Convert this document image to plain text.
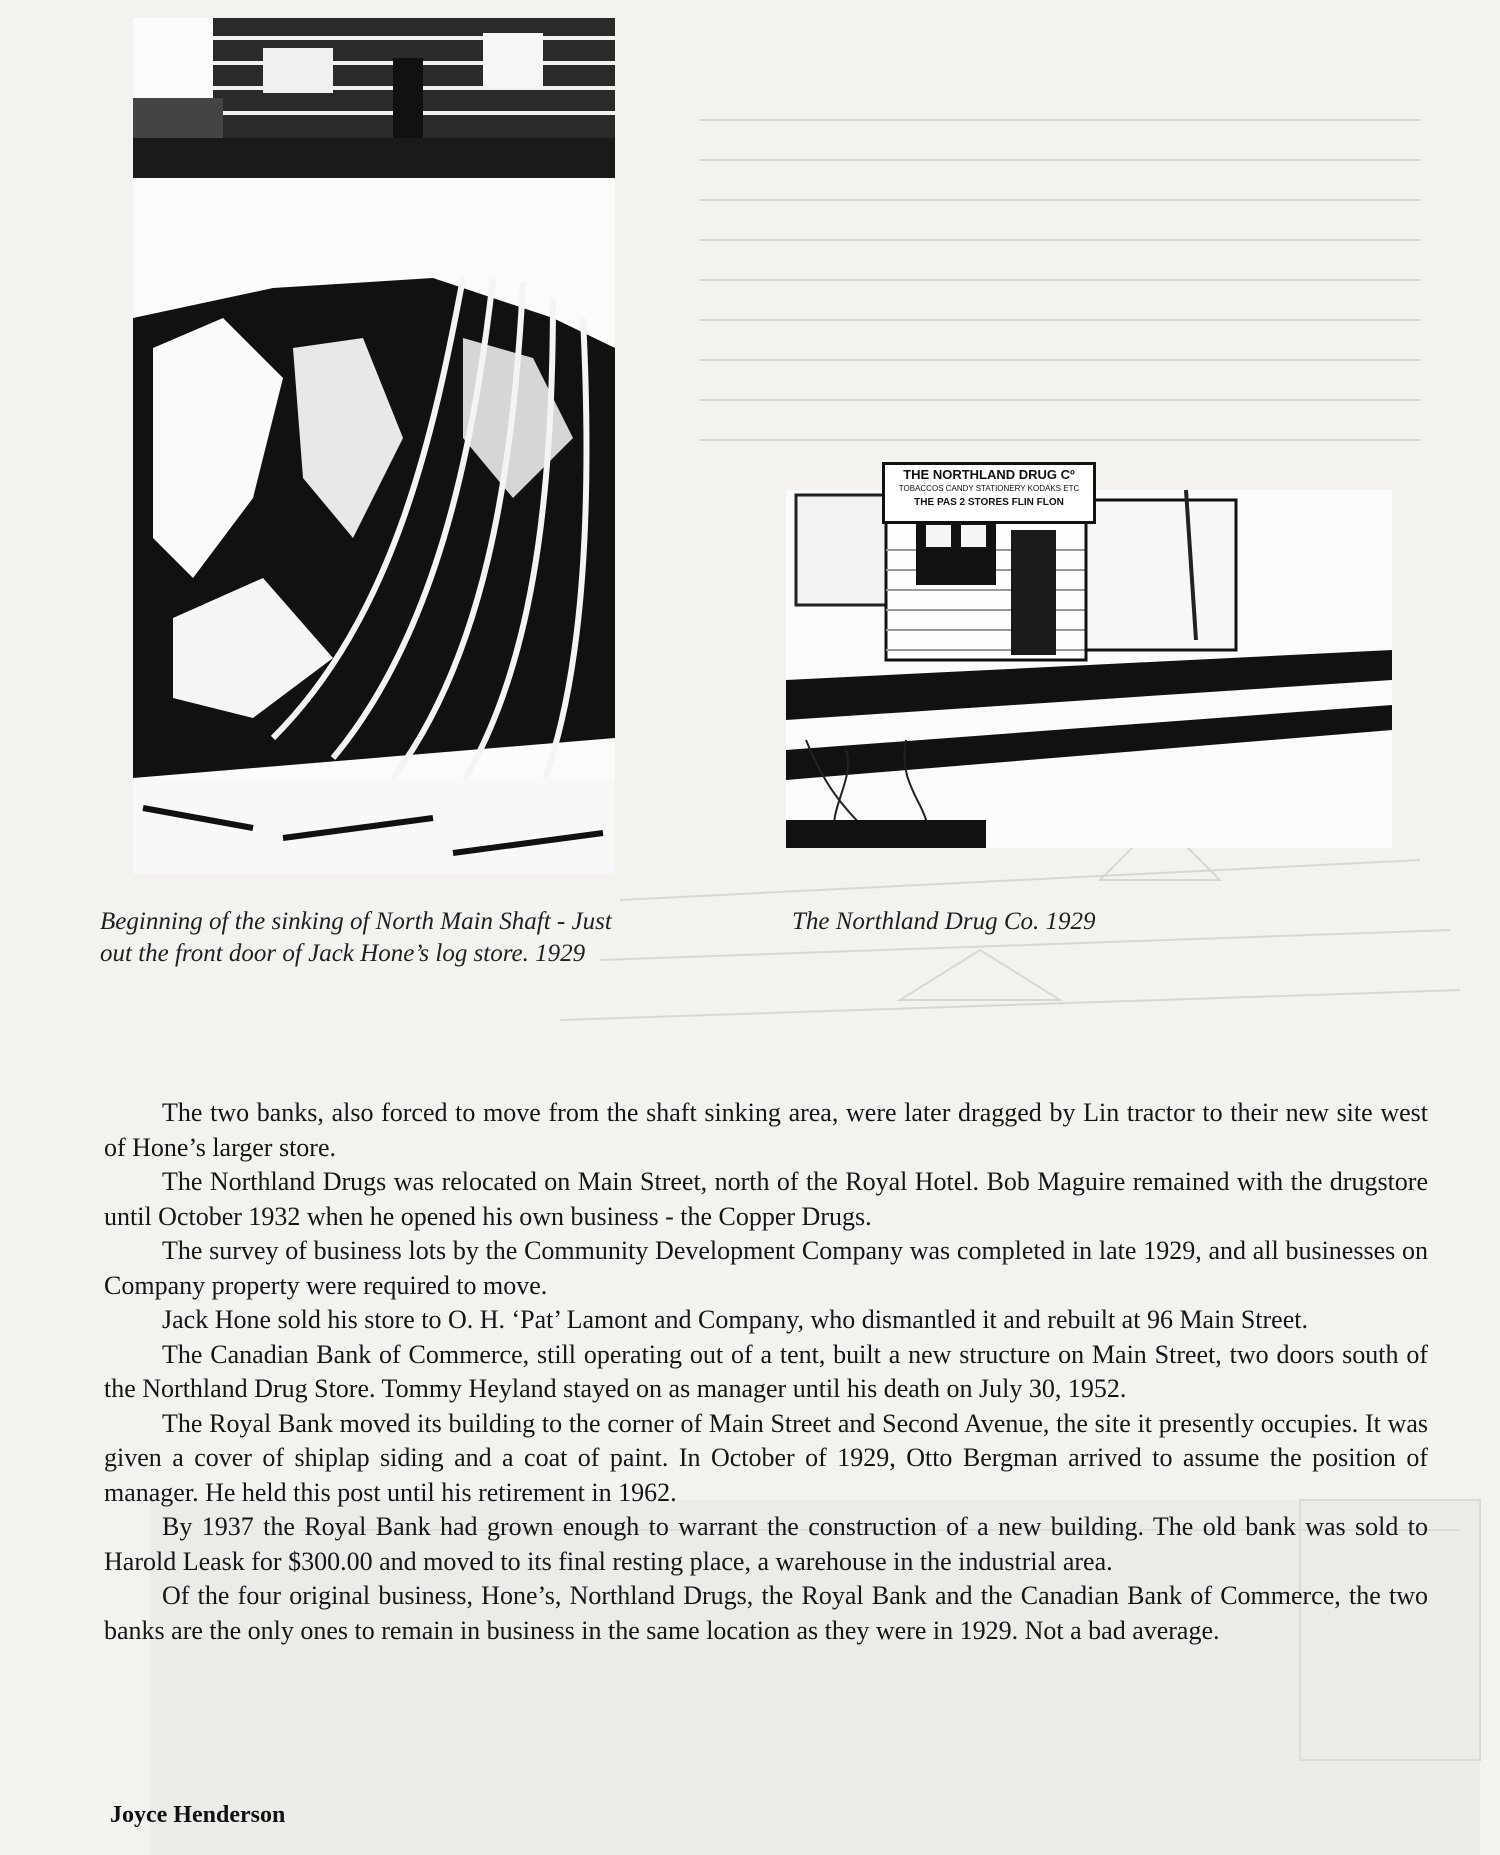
THE NORTHLAND DRUG Cº
TOBACCOS CANDY STATIONERY KODAKS ETC
THE PAS 2 STORES FLIN FLON
Beginning of the sinking of North Main Shaft - Just out the front door of Jack Hone’s log store. 1929
The Northland Drug Co. 1929

The two banks, also forced to move from the shaft sinking area, were later dragged by Lin tractor to their new site west of Hone’s larger store.

The Northland Drugs was relocated on Main Street, north of the Royal Hotel. Bob Maguire remained with the drugstore until October 1932 when he opened his own business - the Copper Drugs.

The survey of business lots by the Community Development Company was completed in late 1929, and all businesses on Company property were required to move.

Jack Hone sold his store to O. H. ‘Pat’ Lamont and Company, who dismantled it and rebuilt at 96 Main Street.

The Canadian Bank of Commerce, still operating out of a tent, built a new structure on Main Street, two doors south of the Northland Drug Store. Tommy Heyland stayed on as manager until his death on July 30, 1952.

The Royal Bank moved its building to the corner of Main Street and Second Avenue, the site it presently occupies. It was given a cover of shiplap siding and a coat of paint. In October of 1929, Otto Bergman arrived to assume the position of manager. He held this post until his retirement in 1962.

By 1937 the Royal Bank had grown enough to warrant the construction of a new building. The old bank was sold to Harold Leask for $300.00 and moved to its final resting place, a warehouse in the industrial area.

Of the four original business, Hone’s, Northland Drugs, the Royal Bank and the Canadian Bank of Commerce, the two banks are the only ones to remain in business in the same location as they were in 1929. Not a bad average.

Joyce Henderson
